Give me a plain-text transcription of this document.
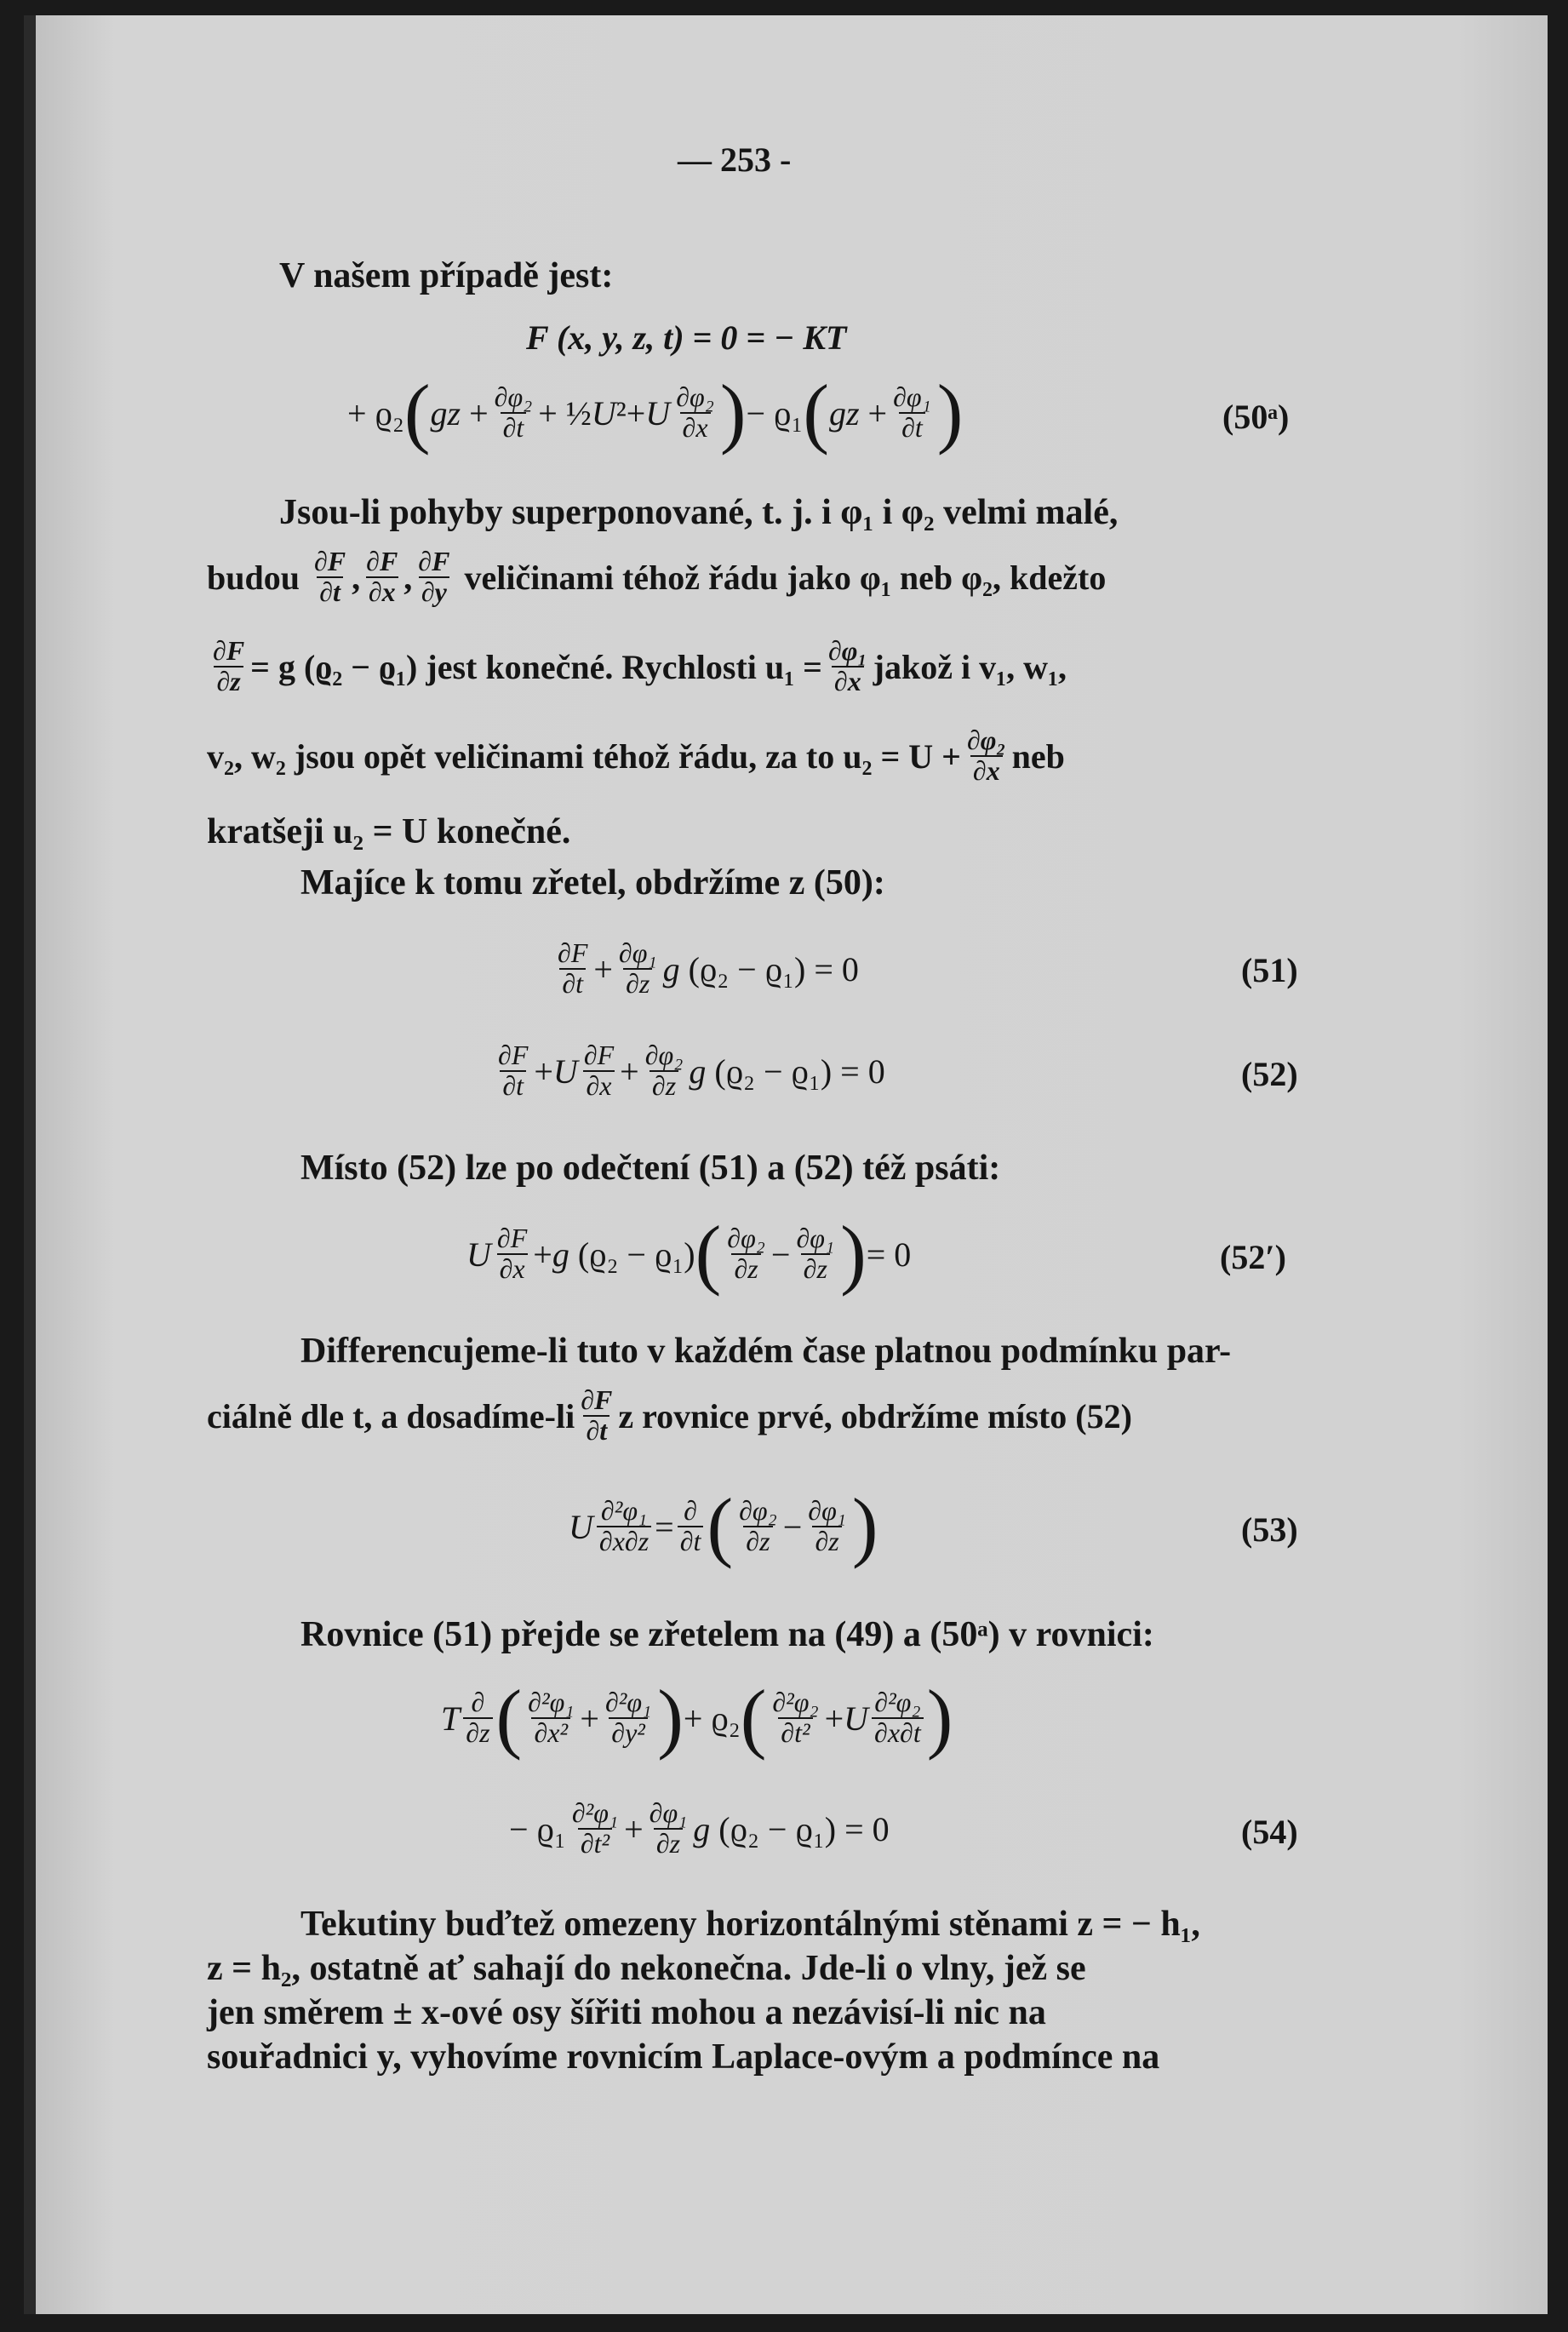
— 253 -
V našem případě jest:
F (x, y, z, t) = 0 = − KT
+ ϱ₂ ( gz + $\frac{\text{∂φ₂}}{\partial t}$ + ½ U ²+ U $\frac{\text{∂φ₂}}{\partial x}$ ) − ϱ₁ ( gz + $\frac{\text{∂φ₁}}{\partial t}$ )	(50ᵃ)
Jsou-li pohyby superponované, t. j. i φ₁ i φ₂ velmi malé,
budou
$\frac{\partial F}{\partial t}$ , $\frac{\partial F}{\partial x}$ , $\frac{\partial F}{\partial y}$
veličinami téhož řádu jako φ₁ neb φ₂, kdežto
$\frac{\partial F}{\partial z} = g$ (ϱ₂ − ϱ₁) jest konečné. Rychlosti $u_1 = \frac{\text{∂φ₁}}{\partial x}$ jakož i v₁, w₁,
v₂, w₂ jsou opět veličinami téhož řádu, za to $u_2 = U + \frac{\text{∂φ₂}}{\partial x}$ neb
kratšeji u₂ = U konečné.
Majíce k tomu zřetel, obdržíme z (50):
$\frac{\partial F}{\partial t} + \frac{\text{∂φ₁}}{\partial z}$ g (ϱ₂ − ϱ₁) = 0	(51)
$\frac{\partial F}{\partial t} + U \frac{\partial F}{\partial x} + \frac{\text{∂φ₂}}{\partial z}$ g (ϱ₂ − ϱ₁) = 0	(52)
Místo (52) lze po odečtení (51) a (52) též psáti:
U $\frac{\partial F}{\partial x} + g$ (ϱ₂ − ϱ₁) ( $\frac{\text{∂φ₂}}{\partial z} - \frac{\text{∂φ₁}}{\partial z}$ ) = 0	(52′)
Differencujeme-li tuto v každém čase platnou podmínku par-
ciálně dle t, a dosadíme-li $\frac{\partial F}{\partial t}$ z rovnice prvé, obdržíme místo (52)
U $\frac{\text{∂²φ₁}}{\partial x\partial z} = \frac{\partial}{\partial t}$ ( $\frac{\text{∂φ₂}}{\partial z} - \frac{\text{∂φ₁}}{\partial z}$ )	(53)
Rovnice (51) přejde se zřetelem na (49) a (50ᵃ) v rovnici:
T $\frac{\partial}{\partial z}$ ( $\frac{\text{∂²φ₁}}{\text{∂x²}} + \frac{\text{∂²φ₁}}{\text{∂y²}}$ ) + ϱ₂ ( $\frac{\text{∂²φ₂}}{\text{∂t²}} + U \frac{\text{∂²φ₂}}{\partial x\partial t}$ )
− $ϱ_1 \frac{\text{∂²φ₁}}{\text{∂t²}} + \frac{\text{∂φ₁}}{\partial z}$ g (ϱ₂ − ϱ₁) = 0	(54)
Tekutiny buďtež omezeny horizontálnými stěnami z = − h₁,
z = h₂, ostatně ať sahají do nekonečna. Jde-li o vlny, jež se
jen směrem ± x-ové osy šířiti mohou a nezávisí-li nic na
souřadnici y, vyhovíme rovnicím Laplace-ovým a podmínce na
